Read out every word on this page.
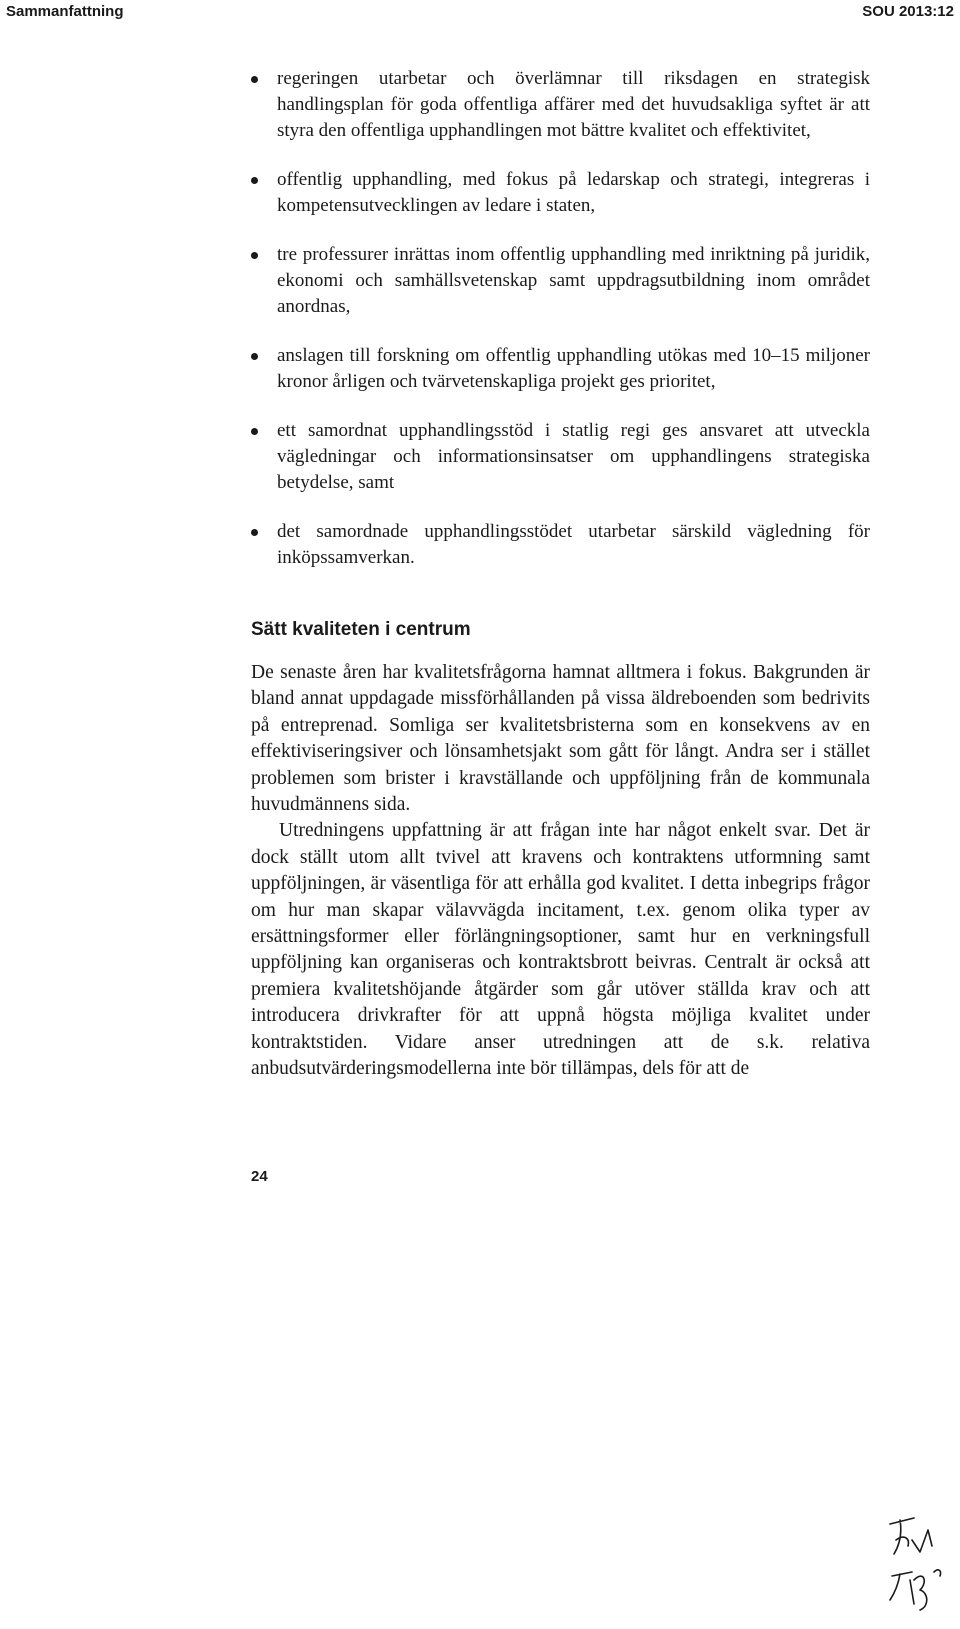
Sammanfattning	SOU 2013:12
regeringen utarbetar och överlämnar till riksdagen en strategisk handlingsplan för goda offentliga affärer med det huvudsakliga syftet är att styra den offentliga upphandlingen mot bättre kvalitet och effektivitet,
offentlig upphandling, med fokus på ledarskap och strategi, integreras i kompetensutvecklingen av ledare i staten,
tre professurer inrättas inom offentlig upphandling med inriktning på juridik, ekonomi och samhällsvetenskap samt uppdragsutbildning inom området anordnas,
anslagen till forskning om offentlig upphandling utökas med 10–15 miljoner kronor årligen och tvärvetenskapliga projekt ges prioritet,
ett samordnat upphandlingsstöd i statlig regi ges ansvaret att utveckla vägledningar och informationsinsatser om upphandlingens strategiska betydelse, samt
det samordnade upphandlingsstödet utarbetar särskild vägledning för inköpssamverkan.
Sätt kvaliteten i centrum

De senaste åren har kvalitetsfrågorna hamnat alltmera i fokus. Bakgrunden är bland annat uppdagade missförhållanden på vissa äldreboenden som bedrivits på entreprenad. Somliga ser kvalitetsbristerna som en konsekvens av en effektiviseringsiver och lönsamhetsjakt som gått för långt. Andra ser i stället problemen som brister i kravställande och uppföljning från de kommunala huvudmännens sida.

Utredningens uppfattning är att frågan inte har något enkelt svar. Det är dock ställt utom allt tvivel att kravens och kontraktens utformning samt uppföljningen, är väsentliga för att erhålla god kvalitet. I detta inbegrips frågor om hur man skapar välavvägda incitament, t.ex. genom olika typer av ersättningsformer eller förlängningsoptioner, samt hur en verkningsfull uppföljning kan organiseras och kontraktsbrott beivras. Centralt är också att premiera kvalitetshöjande åtgärder som går utöver ställda krav och att introducera drivkrafter för att uppnå högsta möjliga kvalitet under kontraktstiden. Vidare anser utredningen att de s.k. relativa anbudsutvärderingsmodellerna inte bör tillämpas, dels för att de

24
